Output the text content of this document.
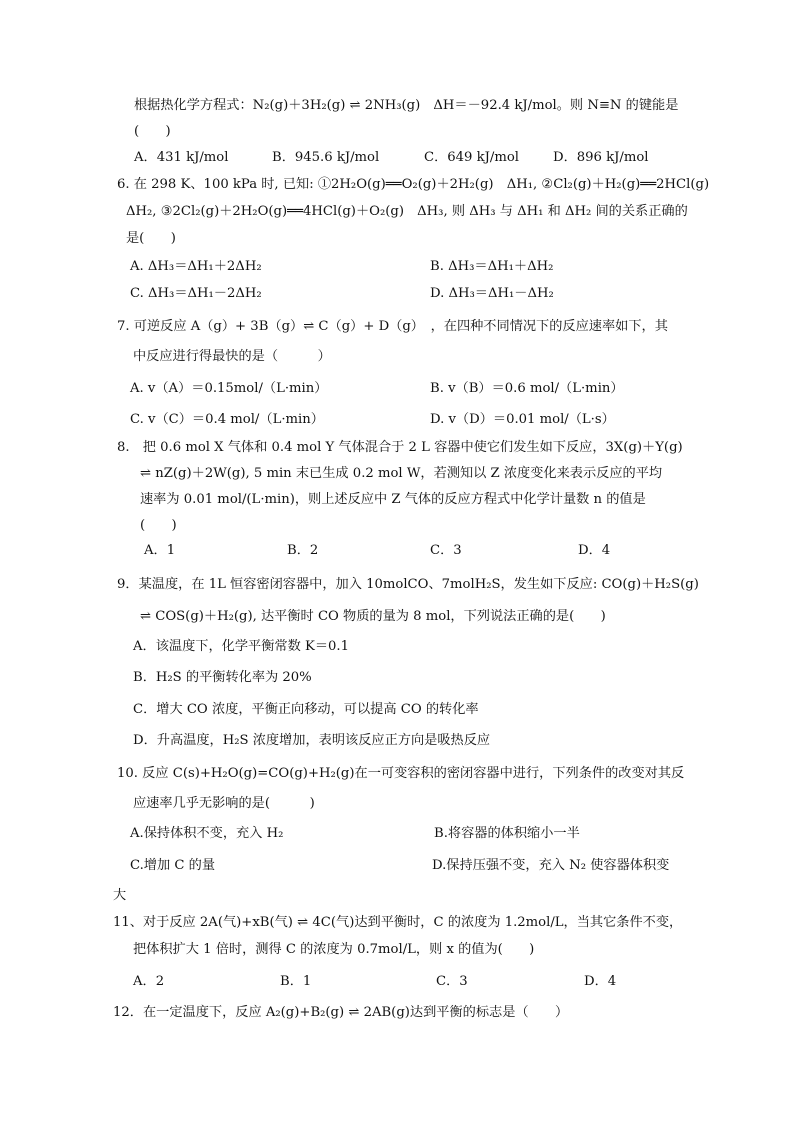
根据热化学方程式：N₂(g)＋3H₂(g) ⇌ 2NH₃(g)　ΔH＝－92.4 kJ/mol。则 N≡N 的键能是
(　　)
A．431 kJ/mol	B．945.6 kJ/mol	C．649 kJ/mol	D．896 kJ/mol
6. 在 298 K、100 kPa 时, 已知: ①2H₂O(g)══O₂(g)＋2H₂(g)　ΔH₁, ②Cl₂(g)＋H₂(g)══2HCl(g)
ΔH₂, ③2Cl₂(g)＋2H₂O(g)══4HCl(g)＋O₂(g)　ΔH₃, 则 ΔH₃ 与 ΔH₁ 和 ΔH₂ 间的关系正确的
是(　　)
A. ΔH₃＝ΔH₁＋2ΔH₂	B. ΔH₃＝ΔH₁＋ΔH₂
C. ΔH₃＝ΔH₁－2ΔH₂	D. ΔH₃＝ΔH₁－ΔH₂
7. 可逆反应 A（g）+ 3B（g）⇌ C（g）+ D（g）　，在四种不同情况下的反应速率如下，其
中反应进行得最快的是（　　　）
A. v（A）＝0.15mol/（L·min）	B. v（B）＝0.6 mol/（L·min）
C. v（C）＝0.4 mol/（L·min）	D. v（D）＝0.01 mol/（L·s）
8.　把 0.6 mol X 气体和 0.4 mol Y 气体混合于 2 L 容器中使它们发生如下反应，3X(g)＋Y(g)
⇌ nZ(g)＋2W(g), 5 min 末已生成 0.2 mol W，若测知以 Z 浓度变化来表示反应的平均
速率为 0.01 mol/(L·min)，则上述反应中 Z 气体的反应方程式中化学计量数 n 的值是
(　　)
A．1	B．2	C．3	D．4
9．某温度，在 1L 恒容密闭容器中，加入 10molCO、7molH₂S，发生如下反应: CO(g)＋H₂S(g)
⇌ COS(g)＋H₂(g), 达平衡时 CO 物质的量为 8 mol，下列说法正确的是(　　)
A．该温度下，化学平衡常数 K＝0.1
B．H₂S 的平衡转化率为 20%
C．增大 CO 浓度，平衡正向移动，可以提高 CO 的转化率
D．升高温度，H₂S 浓度增加，表明该反应正方向是吸热反应
10. 反应 C(s)+H₂O(g)=CO(g)+H₂(g)在一可变容积的密闭容器中进行，下列条件的改变对其反
应速率几乎无影响的是(　　　)
A.保持体积不变，充入 H₂	B.将容器的体积缩小一半
C.增加 C 的量	D.保持压强不变，充入 N₂ 使容器体积变
大
11、对于反应 2A(气)+xB(气) ⇌ 4C(气)达到平衡时，C 的浓度为 1.2mol/L，当其它条件不变，
把体积扩大 1 倍时，测得 C 的浓度为 0.7mol/L，则 x 的值为(　　)
A．2	B．1	C．3	D．4
12．在一定温度下，反应 A₂(g)+B₂(g) ⇌ 2AB(g)达到平衡的标志是（　　）
